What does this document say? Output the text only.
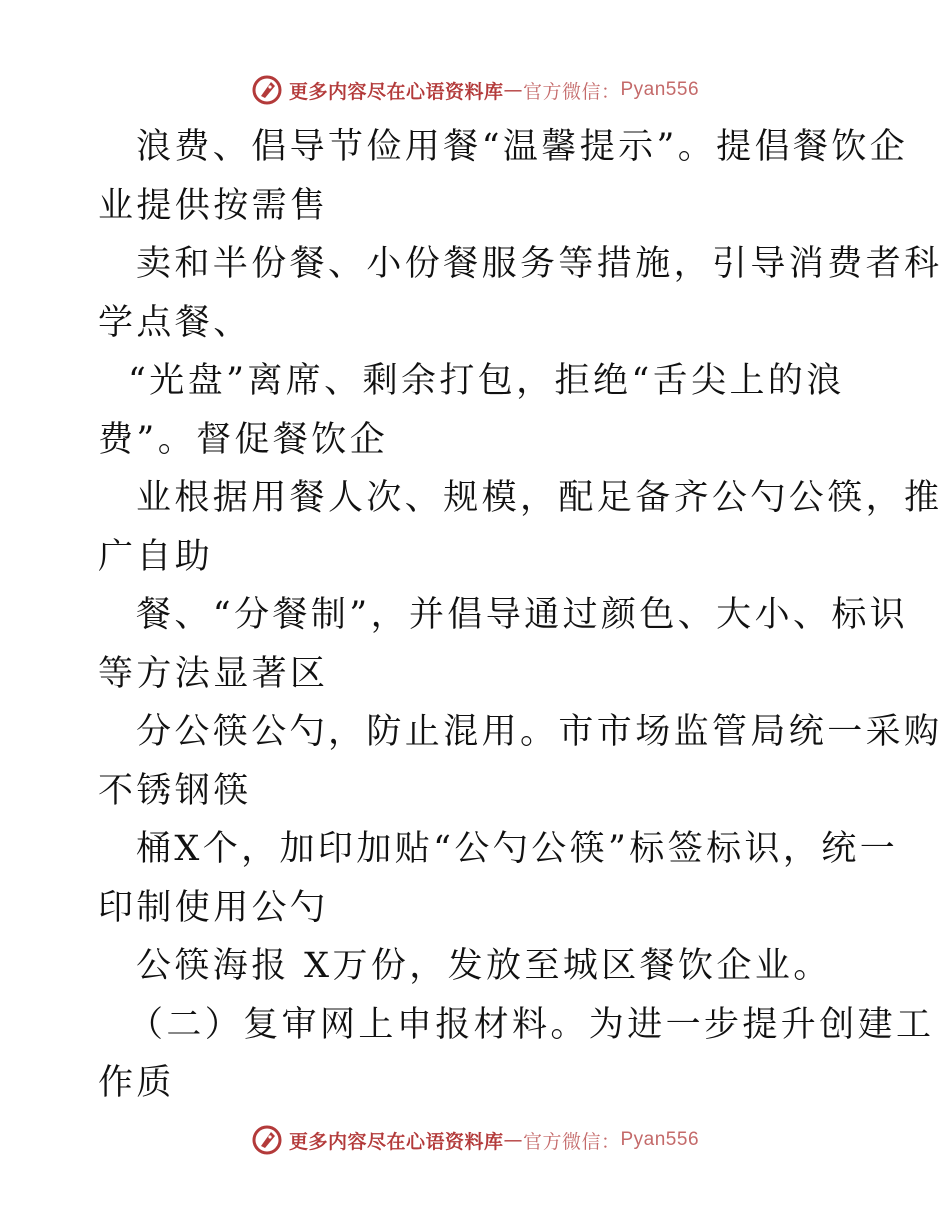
更多内容尽在心语资料库 — 官方微信： Pyan556
浪费、倡导节俭用餐“温馨提示”。提倡餐饮企
业提供按需售
卖和半份餐、小份餐服务等措施，引导消费者科
学点餐、
“光盘”离席、剩余打包，拒绝“舌尖上的浪
费”。督促餐饮企
业根据用餐人次、规模，配足备齐公勺公筷，推
广自助
餐、“分餐制”，并倡导通过颜色、大小、标识
等方法显著区
分公筷公勺，防止混用。市市场监管局统一采购
不锈钢筷
桶X个，加印加贴“公勺公筷”标签标识，统一
印制使用公勺
公筷海报 X万份，发放至城区餐饮企业。
（二）复审网上申报材料。为进一步提升创建工
作质
更多内容尽在心语资料库 — 官方微信： Pyan556
